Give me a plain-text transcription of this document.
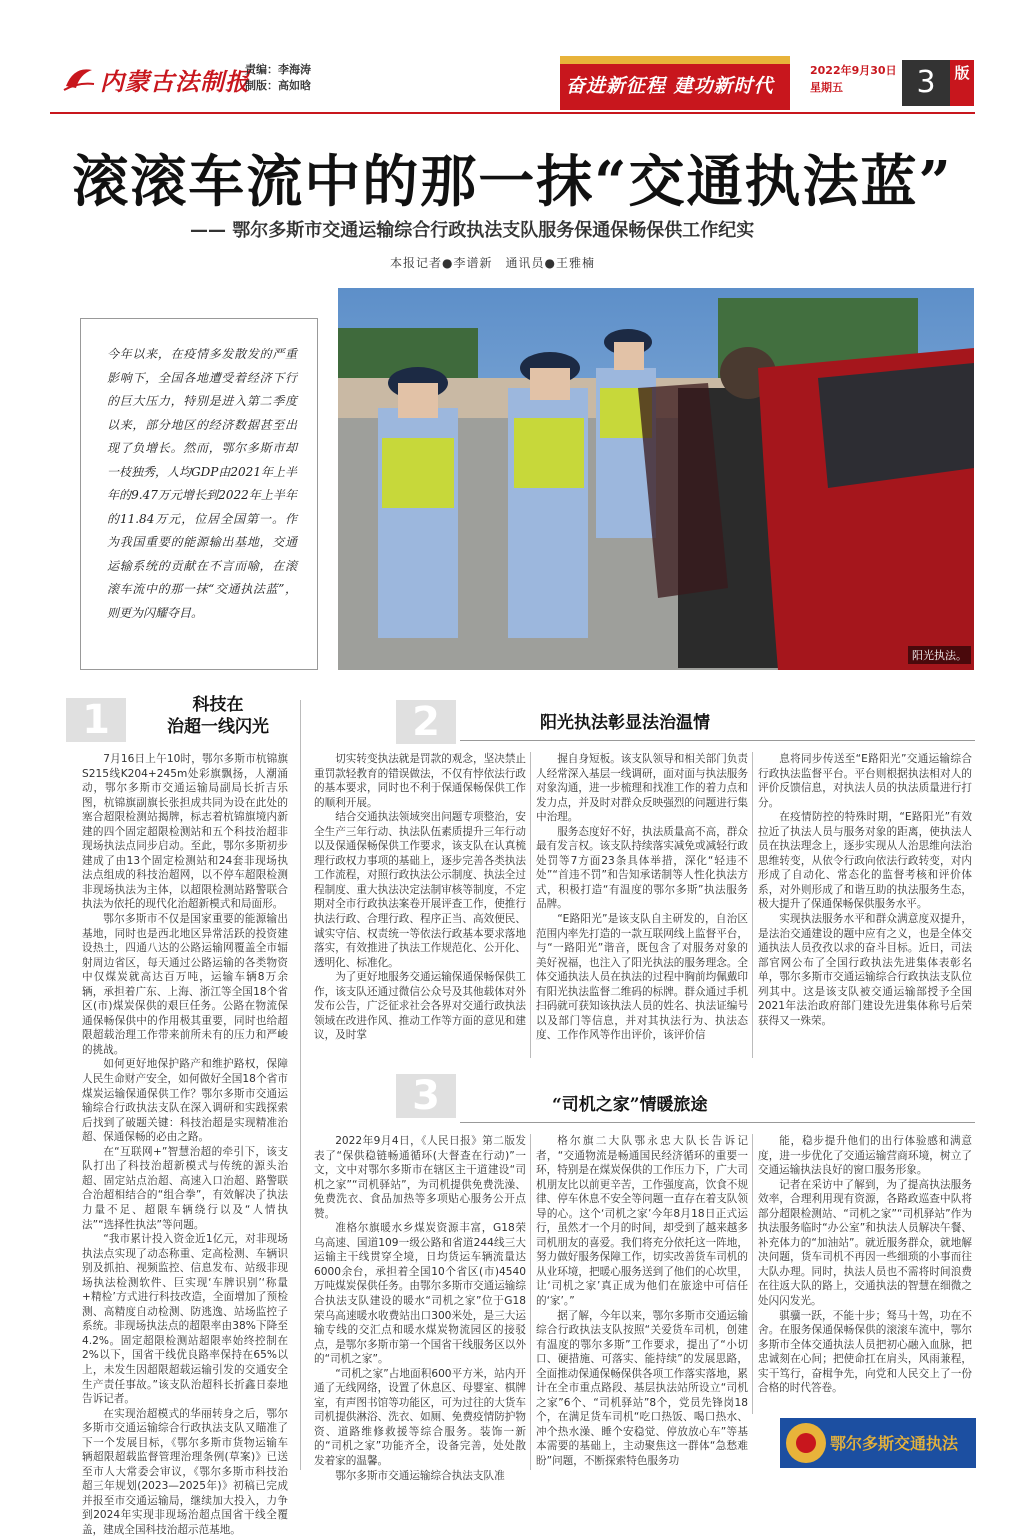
内蒙古法制报
责编：李海涛
制版：高如晗	奋进新征程 建功新时代
2022年9月30日
星期五	3	版
滚滚车流中的那一抹“交通执法蓝”
—— 鄂尔多斯市交通运输综合行政执法支队服务保通保畅保供工作纪实
本报记者●李谱新　通讯员●王雅楠
今年以来，在疫情多发散发的严重影响下，全国各地遭受着经济下行的巨大压力，特别是进入第二季度以来，部分地区的经济数据甚至出现了负增长。然而，鄂尔多斯市却一枝独秀，人均GDP由2021年上半年的9.47万元增长到2022年上半年的11.84万元，位居全国第一。作为我国重要的能源输出基地，交通运输系统的贡献在不言而喻，在滚滚车流中的那一抹“交通执法蓝”，则更为闪耀夺目。
阳光执法。
1	科技在
治超一线闪光

7月16日上午10时，鄂尔多斯市杭锦旗S215线K204+245m处彩旗飘扬，人潮涌动，鄂尔多斯市交通运输局副局长折吉乐图，杭锦旗副旗长张担成共同为设在此处的塞合超限检测站揭牌，标志着杭锦旗境内新建的四个固定超限检测站和五个科技治超非现场执法点同步启动。至此，鄂尔多斯初步建成了由13个固定检测站和24套非现场执法点组成的科技治超网，以不停车超限检测非现场执法为主体，以超限检测站路警联合执法为依托的现代化治超新模式和局面形。

鄂尔多斯市不仅是国家重要的能源输出基地，同时也是西北地区异常活跃的投资建设热土，四通八达的公路运输网覆盖全市辐射周边省区，每天通过公路运输的各类物资中仅煤炭就高达百万吨，运输车辆8万余辆，承担着广东、上海、浙江等全国18个省区(市)煤炭保供的艰巨任务。公路在物流保通保畅保供中的作用极其重要，同时也给超限超载治理工作带来前所未有的压力和严峻的挑战。

如何更好地保护路产和维护路权，保障人民生命财产安全，如何做好全国18个省市煤炭运输保通保供工作？鄂尔多斯市交通运输综合行政执法支队在深入调研和实践探索后找到了破题关键：科技治超是实现精准治超、保通保畅的必由之路。

在“互联网+”智慧治超的牵引下，该支队打出了科技治超新模式与传统的源头治超、固定站点治超、高速入口治超、路警联合治超相结合的“组合拳”，有效解决了执法力量不足、超限车辆绕行以及“人情执法”“选择性执法”等问题。

“我市累计投入资金近1亿元，对非现场执法点实现了动态称重、定高检测、车辆识别及抓拍、视频监控、信息发布、站级非现场执法检测软件、巨实现‘车牌识别’‘称量+精检’方式进行科技改造，全面增加了预检测、高精度自动检测、防逃逸、站场监控子系统。非现场执法点的超限率由38%下降至4.2%。固定超限检测站超限率始终控制在2%以下，国省干线优良路率保持在65%以上，未发生因超限超载运输引发的交通安全生产责任事故。”该支队治超科长折鑫日泰地告诉记者。

在实现治超模式的华丽转身之后，鄂尔多斯市交通运输综合行政执法支队又瞄准了下一个发展目标，《鄂尔多斯市货物运输车辆超限超载监督管理治理条例(草案)》已送至市人大常委会审议，《鄂尔多斯市科技治超三年规划(2023—2025年)》初稿已完成并报至市交通运输局，继续加大投入，力争到2024年实现非现场治超点国省干线全覆盖，建成全国科技治超示范基地。

2	阳光执法彰显法治温情

切实转变执法就是罚款的观念，坚决禁止重罚款轻教育的错误做法，不仅有悖依法行政的基本要求，同时也不利于保通保畅保供工作的顺利开展。

结合交通执法领域突出问题专项整治，安全生产三年行动、执法队伍素质提升三年行动以及保通保畅保供工作要求，该支队在认真梳理行政权力事项的基础上，逐步完善各类执法工作流程，对照行政执法公示制度、执法全过程制度、重大执法决定法制审核等制度，不定期对全市行政执法案卷开展评查工作，使推行执法行政、合理行政、程序正当、高效便民、诚实守信、权责统一等依法行政基本要求落地落实，有效推进了执法工作规范化、公开化、透明化、标准化。

为了更好地服务交通运输保通保畅保供工作，该支队还通过微信公众号及其他载体对外发布公告，广泛征求社会各界对交通行政执法领域在改进作风、推动工作等方面的意见和建议，及时掌

握自身短板。该支队领导和相关部门负责人经常深入基层一线调研，面对面与执法服务对象沟通，进一步梳理和找准工作的着力点和发力点，并及时对群众反映强烈的问题进行集中治理。

服务态度好不好，执法质量高不高，群众最有发言权。该支队持续落实减免或减轻行政处罚等7方面23条具体举措，深化“轻违不处”“首违不罚”和告知承诺制等人性化执法方式，积极打造“有温度的鄂尔多斯”执法服务品牌。

“E路阳光”是该支队自主研发的，自治区范围内率先打造的一款互联网线上监督平台，与“一路阳光”谐音，既包含了对服务对象的美好祝福，也注入了阳光执法的服务理念。全体交通执法人员在执法的过程中胸前均佩戴印有阳光执法监督二维码的标牌。群众通过手机扫码就可获知该执法人员的姓名、执法证编号以及部门等信息，并对其执法行为、执法态度、工作作风等作出评价，该评价信

息将同步传送至“E路阳光”交通运输综合行政执法监督平台。平台则根据执法相对人的评价反馈信息，对执法人员的执法质量进行打分。

在疫情防控的特殊时期，“E路阳光”有效拉近了执法人员与服务对象的距离，使执法人员在执法理念上，逐步实现从人治思维向法治思维转变，从依令行政向依法行政转变，对内形成了自动化、常态化的监督考核和评价体系，对外则形成了和谐互助的执法服务生态，极大提升了保通保畅保供服务水平。

实现执法服务水平和群众满意度双提升，是法治交通建设的题中应有之义，也是全体交通执法人员孜孜以求的奋斗目标。近日，司法部官网公布了全国行政执法先进集体表彰名单，鄂尔多斯市交通运输综合行政执法支队位列其中。这是该支队被交通运输部授予全国2021年法治政府部门建设先进集体称号后荣获得又一殊荣。

3	“司机之家”情暖旅途

2022年9月4日，《人民日报》第二版发表了“保供稳链畅通循环(大督查在行动)”一文，文中对鄂尔多斯市在辖区主干道建设“司机之家”“司机驿站”，为司机提供免费洗澡、免费洗衣、食品加热等多项贴心服务公开点赞。

准格尔旗暖水乡煤炭资源丰富，G18荣乌高速、国道109一级公路和省道244线三大运输主干线贯穿全境，日均货运车辆流量达6000余台，承担着全国10个省区(市)4540万吨煤炭保供任务。由鄂尔多斯市交通运输综合执法支队建设的暖水“司机之家”位于G18荣乌高速暖水收费站出口300米处，是三大运输专线的交汇点和暖水煤炭物流园区的接驳点，是鄂尔多斯市第一个国省干线服务区以外的“司机之家”。

“司机之家”占地面积600平方米，站内开通了无线网络，设置了休息区、母婴室、棋牌室，有声图书馆等功能区，可为过往的大货车司机提供淋浴、洗衣、如厕、免费疫情防护物资、道路维修救援等综合服务。装饰一新的“司机之家”功能齐全，设备完善，处处散发着家的温馨。

鄂尔多斯市交通运输综合执法支队准

格尔旗二大队鄂永忠大队长告诉记者，“交通物流是畅通国民经济循环的重要一环，特别是在煤炭保供的工作压力下，广大司机朋友比以前更辛苦，工作强度高，饮食不规律、停车休息不安全等问题一直存在着支队领导的心。这个‘司机之家’今年8月18日正式运行，虽然才一个月的时间，却受到了越来越多司机朋友的喜爱。我们将充分依托这一阵地，努力做好服务保障工作，切实改善货车司机的从业环境，把暖心服务送到了他们的心坎里，让‘司机之家’真正成为他们在旅途中可信任的‘家’。”

据了解，今年以来，鄂尔多斯市交通运输综合行政执法支队按照“关爱货车司机，创建有温度的鄂尔多斯”工作要求，提出了“小切口、硬措施、可落实、能持续”的发展思路，全面推动保通保畅保供各项工作落实落地，累计在全市重点路段、基层执法站所设立“司机之家”6个、“司机驿站”8个，党员先锋岗18个，在满足货车司机“吃口热饭、喝口热水、冲个热水澡、睡个安稳觉、停放放心车”等基本需要的基础上，主动聚焦这一群体“急愁难盼”问题，不断探索特色服务功

能，稳步提升他们的出行体验感和满意度，进一步优化了交通运输营商环境，树立了交通运输执法良好的窗口服务形象。

记者在采访中了解到，为了提高执法服务效率，合理利用现有资源，各路政巡查中队将部分超限检测站、“司机之家”“司机驿站”作为执法服务临时“办公室”和执法人员解决午餐、补充体力的“加油站”。就近服务群众，就地解决问题，货车司机不再因一些细琐的小事而往大队办理。同时，执法人员也不需将时间浪费在往返大队的路上，交通执法的智慧在细微之处闪闪发光。

骐骥一跃，不能十步；驽马十驾，功在不舍。在服务保通保畅保供的滚滚车流中，鄂尔多斯市全体交通执法人员把初心融入血脉，把忠诚刻在心间；把使命扛在肩头，风雨兼程，实干笃行，奋楫争先，向党和人民交上了一份合格的时代答卷。

鄂尔多斯交通执法
